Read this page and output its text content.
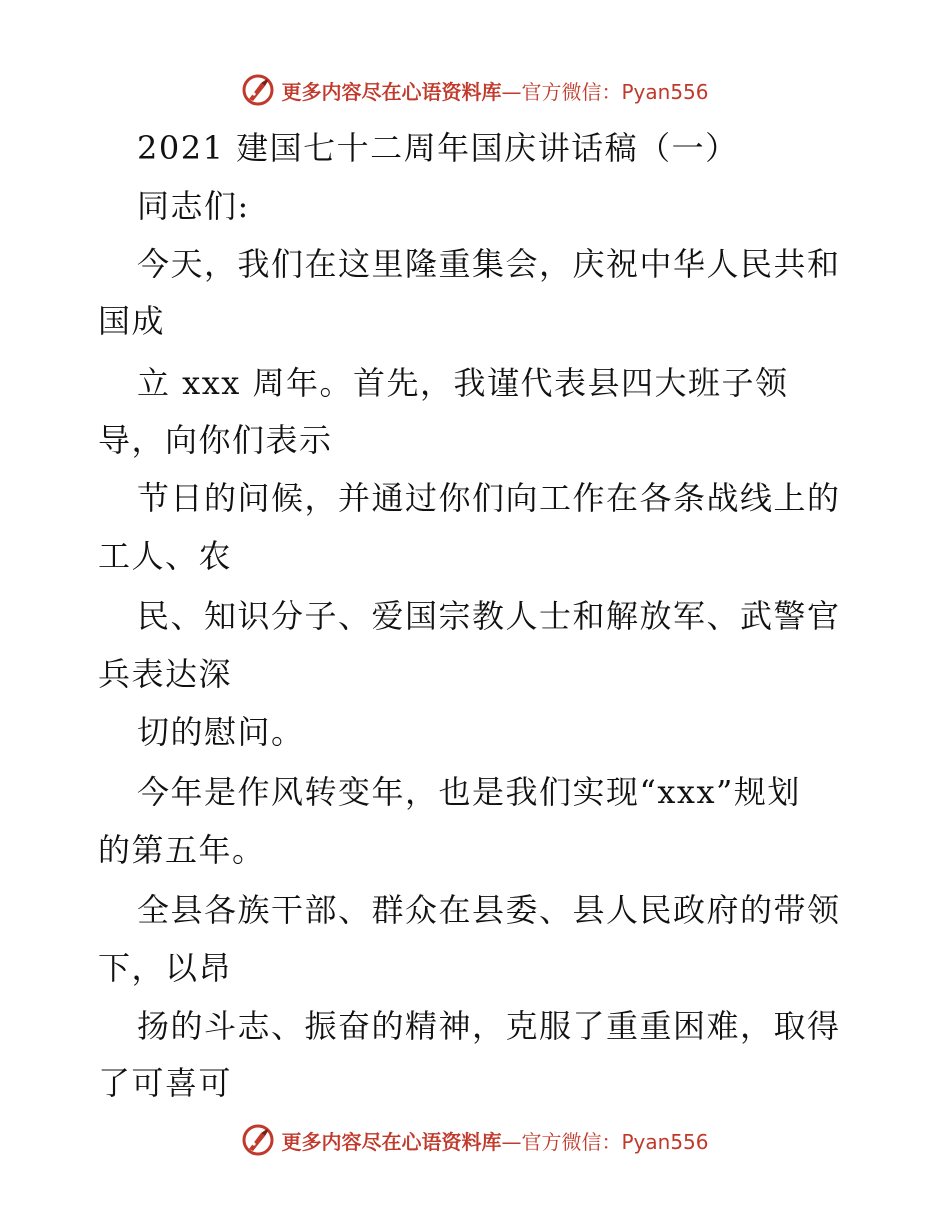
更多内容尽在心语资料库—官方微信：Pyan556
2021 建国七十二周年国庆讲话稿（一）
同志们:
今天，我们在这里隆重集会，庆祝中华人民共和
国成
立 xxx 周年。首先，我谨代表县四大班子领
导，向你们表示
节日的问候，并通过你们向工作在各条战线上的
工人、农
民、知识分子、爱国宗教人士和解放军、武警官
兵表达深
切的慰问。
今年是作风转变年，也是我们实现“xxx”规划
的第五年。
全县各族干部、群众在县委、县人民政府的带领
下，以昂
扬的斗志、振奋的精神，克服了重重困难，取得
了可喜可
更多内容尽在心语资料库—官方微信：Pyan556
